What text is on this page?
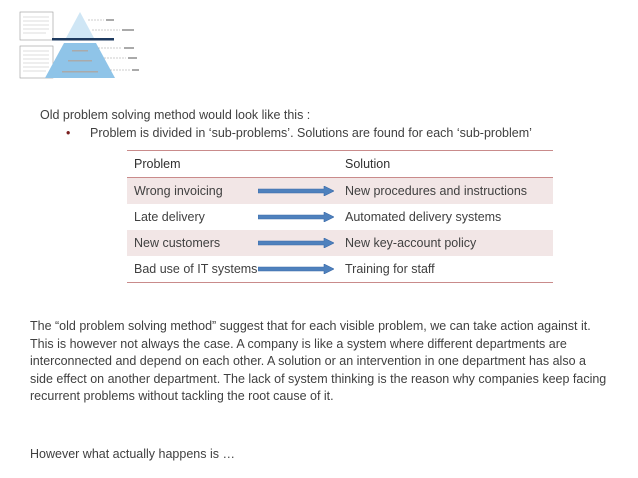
Old problem solving method would look like this :
• Problem is divided in ‘sub-problems’. Solutions are found for each ‘sub-problem’
Problem		Solution
Wrong invoicing		New procedures and instructions
Late delivery		Automated delivery systems
New customers		New key-account policy
Bad use of IT systems		Training for staff

The “old problem solving method” suggest that for each visible problem, we can take action against it. This is however not always the case. A company is like a system where different departments are interconnected and depend on each other. A solution or an intervention in one department has also a side effect on another department. The lack of system thinking is the reason why companies keep facing recurrent problems without tackling the root cause of it.

However what actually happens is …
